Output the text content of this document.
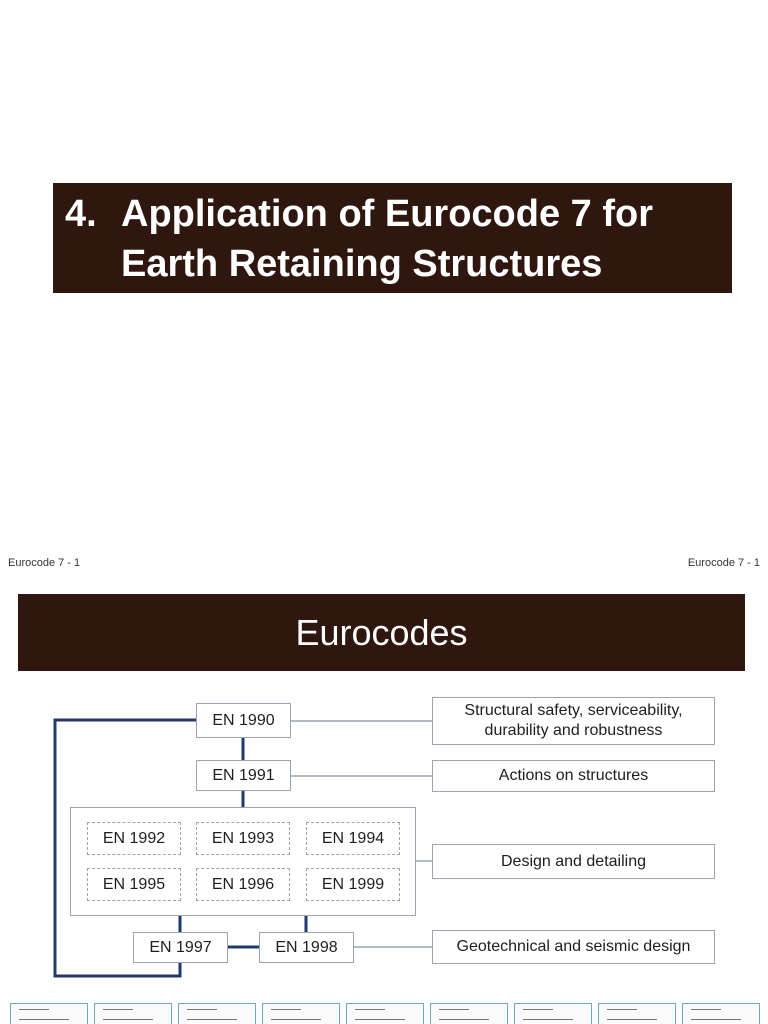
4. Application of Eurocode 7 for
Earth Retaining Structures
Eurocode 7 - 1	Eurocode 7 - 1
Eurocodes
EN 1990
EN 1991
EN 1992	EN 1993	EN 1994
EN 1995	EN 1996	EN 1999
EN 1997	EN 1998
Structural safety, serviceability,
durability and robustness
Actions on structures
Design and detailing
Geotechnical and seismic design
